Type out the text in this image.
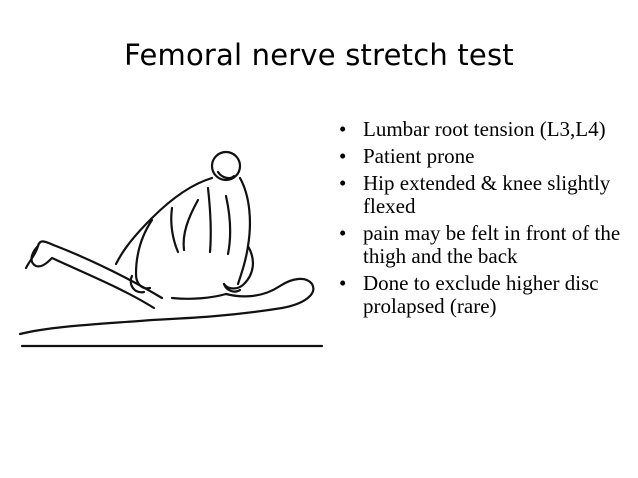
Femoral nerve stretch test
• Lumbar root tension (L3,L4)
• Patient prone
• Hip extended & knee slightly flexed
• pain may be felt in front of the thigh and the back
• Done to exclude higher disc prolapsed (rare)
